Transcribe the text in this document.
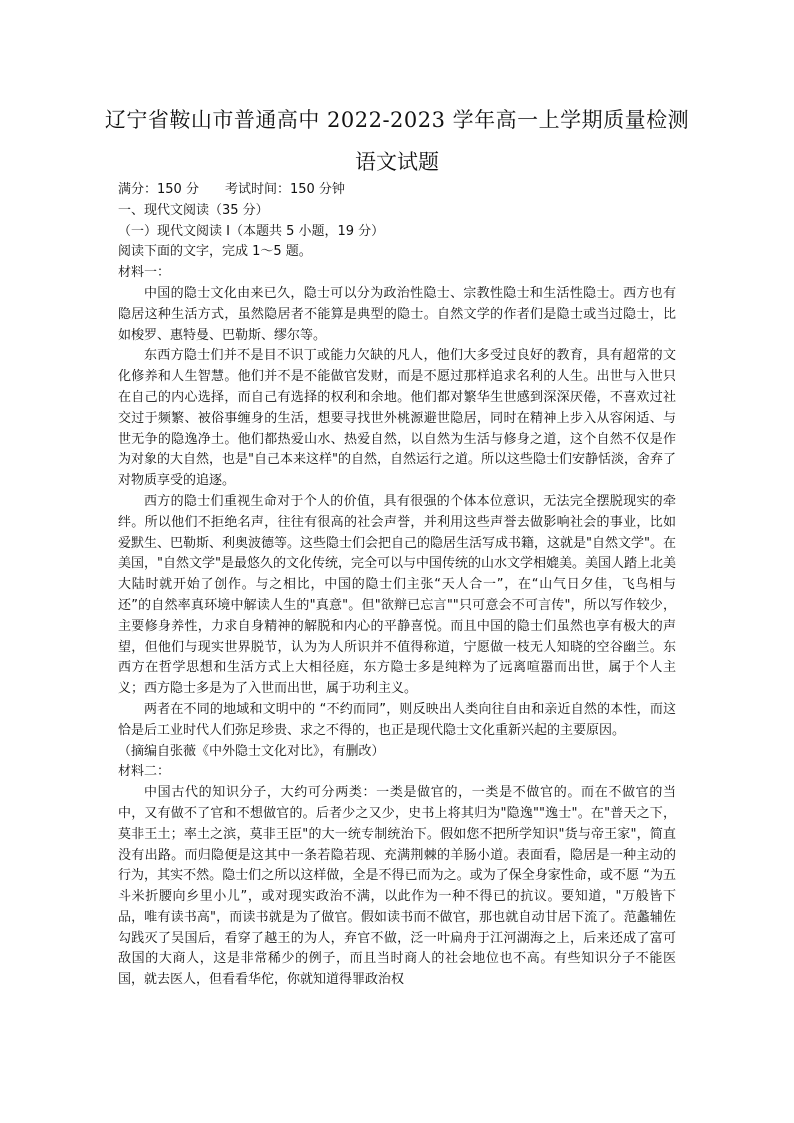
辽宁省鞍山市普通高中 2022-2023 学年高一上学期质量检测
语文试题
满分：150 分 考试时间：150 分钟
一、现代文阅读（35 分）
（一）现代文阅读 I（本题共 5 小题，19 分）
阅读下面的文字，完成 1～5 题。
材料一：

中国的隐士文化由来已久，隐士可以分为政治性隐士、宗教性隐士和生活性隐士。西方也有隐居这种生活方式，虽然隐居者不能算是典型的隐士。自然文学的作者们是隐士或当过隐士，比如梭罗、惠特曼、巴勒斯、缪尔等。

东西方隐士们并不是目不识丁或能力欠缺的凡人，他们大多受过良好的教育，具有超常的文化修养和人生智慧。他们并不是不能做官发财，而是不愿过那样追求名利的人生。出世与入世只在自己的内心选择，而自己有选择的权利和余地。他们都对繁华生世感到深深厌倦，不喜欢过社交过于频繁、被俗事缠身的生活，想要寻找世外桃源避世隐居，同时在精神上步入从容闲适、与世无争的隐逸净土。他们都热爱山水、热爱自然，以自然为生活与修身之道，这个自然不仅是作为对象的大自然，也是"自己本来这样"的自然，自然运行之道。所以这些隐士们安静恬淡，舍弃了对物质享受的追逐。

西方的隐士们重视生命对于个人的价值，具有很强的个体本位意识，无法完全摆脱现实的牵绊。所以他们不拒绝名声，往往有很高的社会声誉，并利用这些声誉去做影响社会的事业，比如爱默生、巴勒斯、利奥波德等。这些隐士们会把自己的隐居生活写成书籍，这就是"自然文学"。在美国，"自然文学"是最悠久的文化传统，完全可以与中国传统的山水文学相媲美。美国人踏上北美大陆时就开始了创作。与之相比，中国的隐士们主张“天人合一”，在“山气日夕佳，飞鸟相与还”的自然率真环境中解读人生的"真意"。但"欲辩已忘言""只可意会不可言传"，所以写作较少，主要修身养性，力求自身精神的解脱和内心的平静喜悦。而且中国的隐士们虽然也享有极大的声望，但他们与现实世界脱节，认为为人所识并不值得称道，宁愿做一枝无人知晓的空谷幽兰。东西方在哲学思想和生活方式上大相径庭，东方隐士多是纯粹为了远离喧嚣而出世，属于个人主义；西方隐士多是为了入世而出世，属于功利主义。

两者在不同的地域和文明中的 “不约而同”，则反映出人类向往自由和亲近自然的本性，而这恰是后工业时代人们弥足珍贵、求之不得的，也正是现代隐士文化重新兴起的主要原因。

（摘编自张薇《中外隐士文化对比》，有删改）
材料二：

中国古代的知识分子，大约可分两类：一类是做官的，一类是不做官的。而在不做官的当中，又有做不了官和不想做官的。后者少之又少，史书上将其归为"隐逸""逸士"。在"普天之下，莫非王土；率土之滨，莫非王臣"的大一统专制统治下。假如您不把所学知识"货与帝王家"，简直没有出路。而归隐便是这其中一条若隐若现、充满荆棘的羊肠小道。表面看，隐居是一种主动的行为，其实不然。隐士们之所以这样做，全是不得已而为之。或为了保全身家性命，或不愿 “为五斗米折腰向乡里小儿”，或对现实政治不满，以此作为一种不得已的抗议。要知道，"万般皆下品，唯有读书高"，而读书就是为了做官。假如读书而不做官，那也就自动甘居下流了。范蠡辅佐勾践灭了吴国后，看穿了越王的为人，弃官不做，泛一叶扁舟于江河湖海之上，后来还成了富可敌国的大商人，这是非常稀少的例子，而且当时商人的社会地位也不高。有些知识分子不能医国，就去医人，但看看华佗，你就知道得罪政治权
